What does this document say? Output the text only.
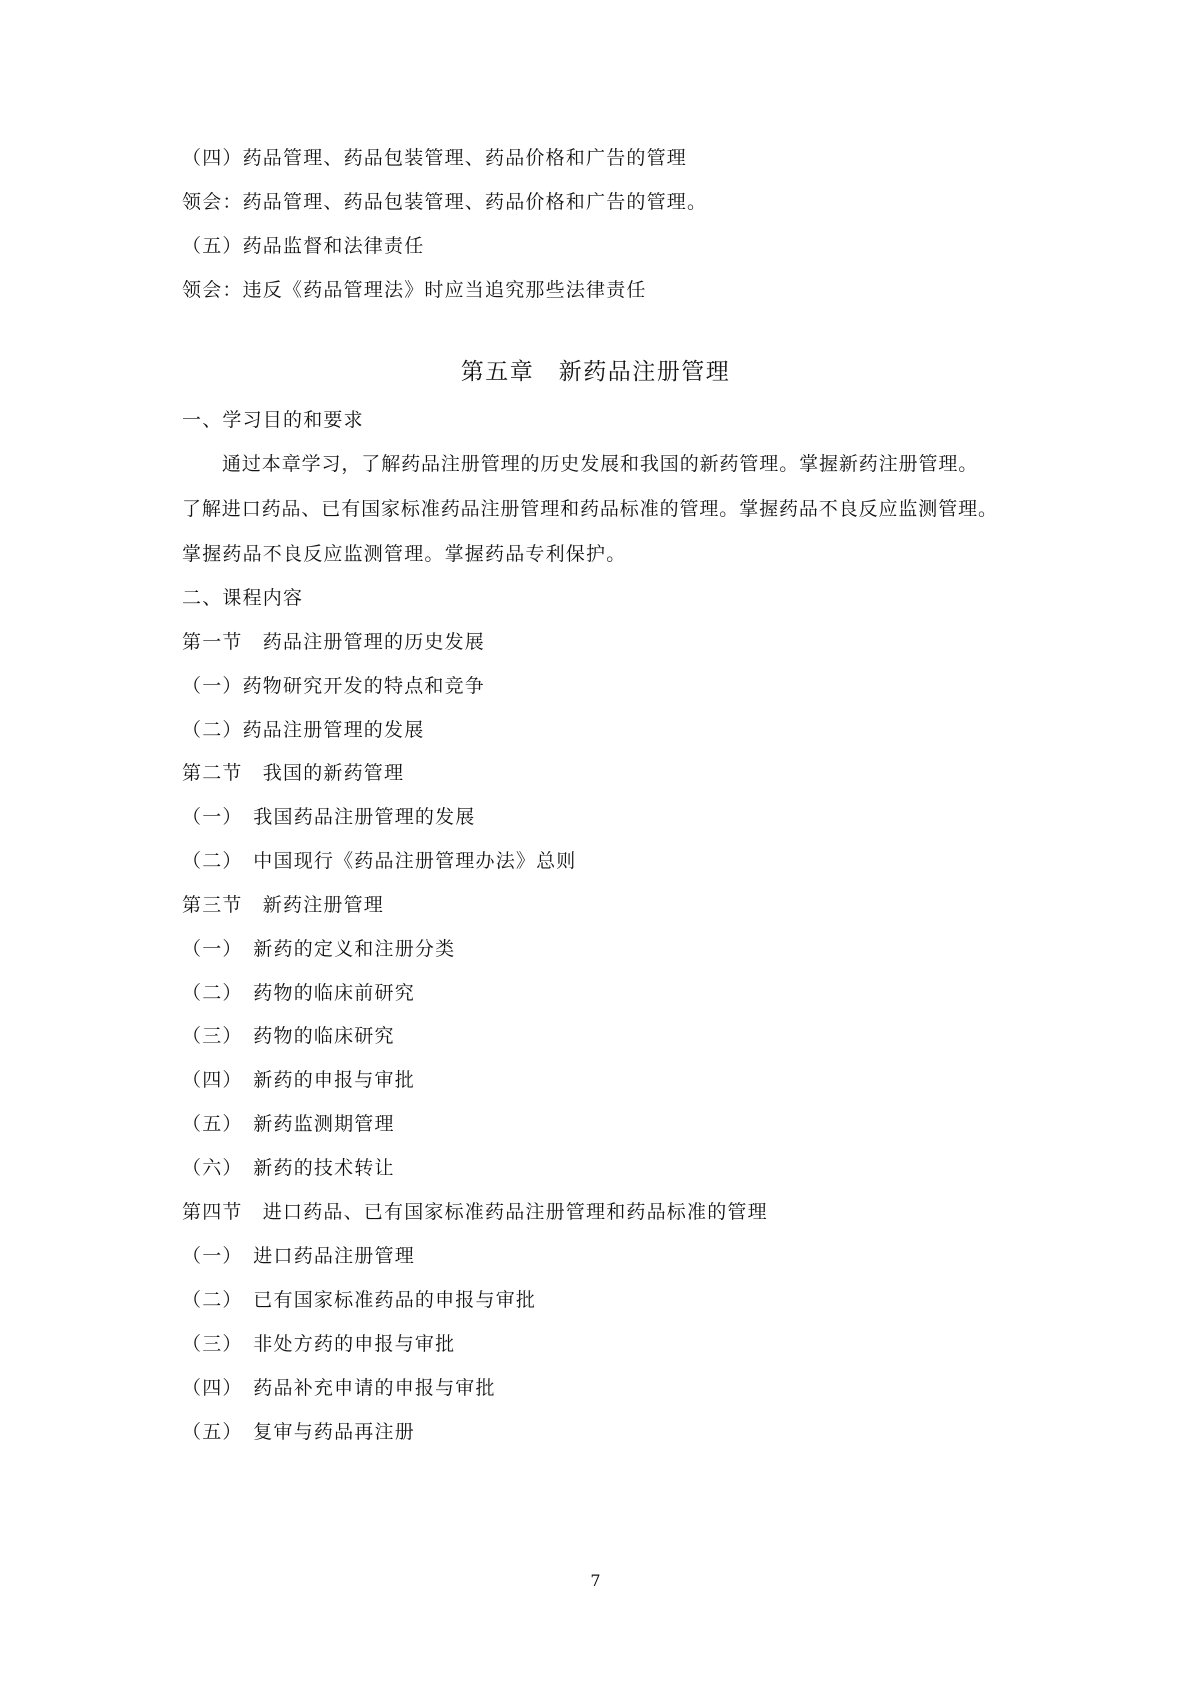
（四）药品管理、药品包装管理、药品价格和广告的管理
领会：药品管理、药品包装管理、药品价格和广告的管理。
（五）药品监督和法律责任
领会：违反《药品管理法》时应当追究那些法律责任
第五章　新药品注册管理
一、学习目的和要求
通过本章学习，了解药品注册管理的历史发展和我国的新药管理。掌握新药注册管理。
了解进口药品、已有国家标准药品注册管理和药品标准的管理。掌握药品不良反应监测管理。
掌握药品不良反应监测管理。掌握药品专利保护。
二、课程内容
第一节　药品注册管理的历史发展
（一）药物研究开发的特点和竞争
（二）药品注册管理的发展
第二节　我国的新药管理
（一）　我国药品注册管理的发展
（二）　中国现行《药品注册管理办法》总则
第三节　新药注册管理
（一）　新药的定义和注册分类
（二）　药物的临床前研究
（三）　药物的临床研究
（四）　新药的申报与审批
（五）　新药监测期管理
（六）　新药的技术转让
第四节　进口药品、已有国家标准药品注册管理和药品标准的管理
（一）　进口药品注册管理
（二）　已有国家标准药品的申报与审批
（三）　非处方药的申报与审批
（四）　药品补充申请的申报与审批
（五）　复审与药品再注册
7
